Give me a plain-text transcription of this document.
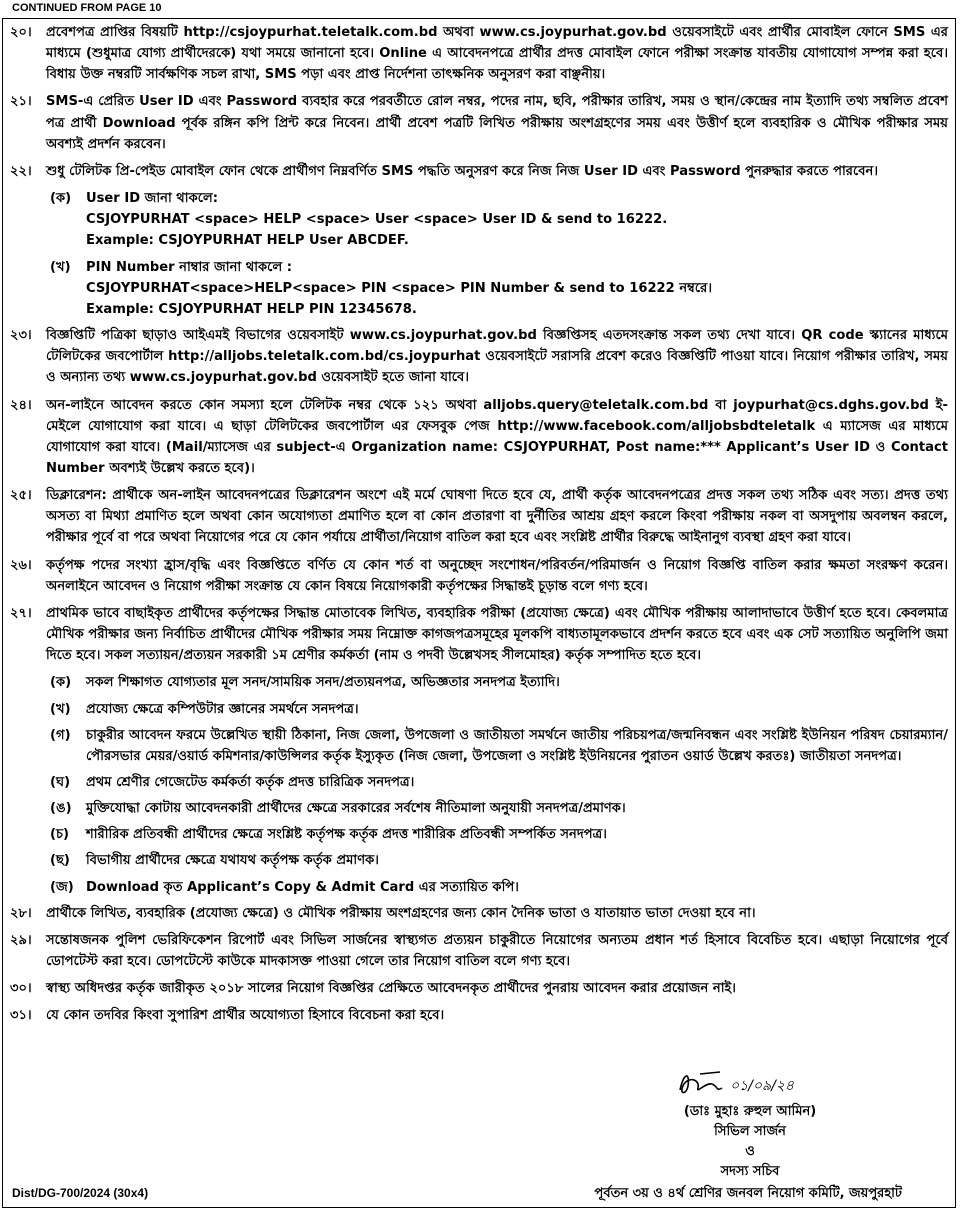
CONTINUED FROM PAGE 10
২০।	প্রবেশপত্র প্রাপ্তির বিষয়টি http://csjoypurhat.teletalk.com.bd অথবা www.cs.joypurhat.gov.bd ওয়েবসাইটে এবং প্রার্থীর মোবাইল ফোনে SMS এর মাধ্যমে (শুধুমাত্র যোগ্য প্রার্থীদেরকে) যথা সময়ে জানানো হবে। Online এ আবেদনপত্রে প্রার্থীর প্রদত্ত মোবাইল ফোনে পরীক্ষা সংক্রান্ত যাবতীয় যোগাযোগ সম্পন্ন করা হবে। বিধায় উক্ত নম্বরটি সার্বক্ষণিক সচল রাখা, SMS পড়া এবং প্রাপ্ত নির্দেশনা তাৎক্ষনিক অনুসরণ করা বাঞ্ছনীয়।
২১।	SMS-এ প্রেরিত User ID এবং Password ব্যবহার করে পরবর্তীতে রোল নম্বর, পদের নাম, ছবি, পরীক্ষার তারিখ, সময় ও স্থান/কেন্দ্রের নাম ইত্যাদি তথ্য সম্বলিত প্রবেশ পত্র প্রার্থী Download পূর্বক রঙ্গিন কপি প্রিন্ট করে নিবেন। প্রার্থী প্রবেশ পত্রটি লিখিত পরীক্ষায় অংশগ্রহণের সময় এবং উত্তীর্ণ হলে ব্যবহারিক ও মৌখিক পরীক্ষার সময় অবশ্যই প্রদর্শন করবেন।
২২।	শুধু টেলিটক প্রি-পেইড মোবাইল ফোন থেকে প্রার্থীগণ নিম্নবর্ণিত SMS পদ্ধতি অনুসরণ করে নিজ নিজ User ID এবং Password পুনরুদ্ধার করতে পারবেন।
(ক)	User ID জানা থাকলে:
CSJOYPURHAT <space> HELP <space> User <space> User ID & send to 16222.
Example: CSJOYPURHAT HELP User ABCDEF.
(খ)	PIN Number নাম্বার জানা থাকলে :
CSJOYPURHAT<space>HELP<space> PIN <space> PIN Number & send to 16222 নম্বরে।
Example: CSJOYPURHAT HELP PIN 12345678.
২৩।	বিজ্ঞপ্তিটি পত্রিকা ছাড়াও আইএমই বিভাগের ওয়েবসাইট www.cs.joypurhat.gov.bd বিজ্ঞপ্তিসহ এতদসংক্রান্ত সকল তথ্য দেখা যাবে। QR code স্ক্যানের মাধ্যমে টেলিটকের জবপোর্টাল http://alljobs.teletalk.com.bd/cs.joypurhat ওয়েবসাইটে সরাসরি প্রবেশ করেও বিজ্ঞপ্তিটি পাওয়া যাবে। নিয়োগ পরীক্ষার তারিখ, সময় ও অন্যান্য তথ্য www.cs.joypurhat.gov.bd ওয়েবসাইট হতে জানা যাবে।
২৪।	অন-লাইনে আবেদন করতে কোন সমস্যা হলে টেলিটক নম্বর থেকে ১২১ অথবা alljobs.query@teletalk.com.bd বা joypurhat@cs.dghs.gov.bd ই-মেইলে যোগাযোগ করা যাবে। এ ছাড়া টেলিটকের জবপোর্টাল এর ফেসবুক পেজ http://www.facebook.com/alljobsbdteletalk এ ম্যাসেজ এর মাধ্যমে যোগাযোগ করা যাবে। (Mail/ম্যাসেজ এর subject-এ Organization name: CSJOYPURHAT, Post name:*** Applicant’s User ID ও Contact Number অবশ্যই উল্লেখ করতে হবে)।
২৫।	ডিক্লারেশন: প্রার্থীকে অন-লাইন আবেদনপত্রের ডিক্লারেশন অংশে এই মর্মে ঘোষণা দিতে হবে যে, প্রার্থী কর্তৃক আবেদনপত্রের প্রদত্ত সকল তথ্য সঠিক এবং সত্য। প্রদত্ত তথ্য অসত্য বা মিথ্যা প্রমাণিত হলে অথবা কোন অযোগ্যতা প্রমাণিত হলে বা কোন প্রতারণা বা দুর্নীতির আশ্রয় গ্রহণ করলে কিংবা পরীক্ষায় নকল বা অসদুপায় অবলম্বন করলে, পরীক্ষার পূর্বে বা পরে অথবা নিয়োগের পরে যে কোন পর্যায়ে প্রার্থীতা/নিয়োগ বাতিল করা হবে এবং সংশ্লিষ্ট প্রার্থীর বিরুদ্ধে আইনানুগ ব্যবস্থা গ্রহণ করা যাবে।
২৬।	কর্তৃপক্ষ পদের সংখ্যা হ্রাস/বৃদ্ধি এবং বিজ্ঞপ্তিতে বর্ণিত যে কোন শর্ত বা অনুচ্ছেদ সংশোধন/পরিবর্তন/পরিমার্জন ও নিয়োগ বিজ্ঞপ্তি বাতিল করার ক্ষমতা সংরক্ষণ করেন। অনলাইনে আবেদন ও নিয়োগ পরীক্ষা সংক্রান্ত যে কোন বিষয়ে নিয়োগকারী কর্তৃপক্ষের সিদ্ধান্তই চূড়ান্ত বলে গণ্য হবে।
২৭।	প্রাথমিক ভাবে বাছাইকৃত প্রার্থীদের কর্তৃপক্ষের সিদ্ধান্ত মোতাবেক লিখিত, ব্যবহারিক পরীক্ষা (প্রযোজ্য ক্ষেত্রে) এবং মৌখিক পরীক্ষায় আলাদাভাবে উত্তীর্ণ হতে হবে। কেবলমাত্র মৌখিক পরীক্ষার জন্য নির্বাচিত প্রার্থীদের মৌখিক পরীক্ষার সময় নিম্নোক্ত কাগজপত্রসমূহের মূলকপি বাধ্যতামূলকভাবে প্রদর্শন করতে হবে এবং এক সেট সত্যায়িত অনুলিপি জমা দিতে হবে। সকল সত্যায়ন/প্রত্যয়ন সরকারী ১ম শ্রেণীর কর্মকর্তা (নাম ও পদবী উল্লেখসহ সীলমোহর) কর্তৃক সম্পাদিত হতে হবে।
(ক)	সকল শিক্ষাগত যোগ্যতার মূল সনদ/সাময়িক সনদ/প্রত্যয়নপত্র, অভিজ্ঞতার সনদপত্র ইত্যাদি।
(খ)	প্রযোজ্য ক্ষেত্রে কম্পিউটার জ্ঞানের সমর্থনে সনদপত্র।
(গ)	চাকুরীর আবেদন ফরমে উল্লেখিত স্থায়ী ঠিকানা, নিজ জেলা, উপজেলা ও জাতীয়তা সমর্থনে জাতীয় পরিচয়পত্র/জন্মনিবন্ধন এবং সংশ্লিষ্ট ইউনিয়ন পরিষদ চেয়ারম্যান/পৌরসভার মেয়র/ওয়ার্ড কমিশনার/কাউন্সিলর কর্তৃক ইস্যুকৃত (নিজ জেলা, উপজেলা ও সংশ্লিষ্ট ইউনিয়নের পুরাতন ওয়ার্ড উল্লেখ করতঃ) জাতীয়তা সনদপত্র।
(ঘ)	প্রথম শ্রেণীর গেজেটেড কর্মকর্তা কর্তৃক প্রদত্ত চারিত্রিক সনদপত্র।
(ঙ)	মুক্তিযোদ্ধা কোটায় আবেদনকারী প্রার্থীদের ক্ষেত্রে সরকারের সর্বশেষ নীতিমালা অনুযায়ী সনদপত্র/প্রমাণক।
(চ)	শারীরিক প্রতিবন্ধী প্রার্থীদের ক্ষেত্রে সংশ্লিষ্ট কর্তৃপক্ষ কর্তৃক প্রদত্ত শারীরিক প্রতিবন্ধী সম্পর্কিত সনদপত্র।
(ছ)	বিভাগীয় প্রার্থীদের ক্ষেত্রে যথাযথ কর্তৃপক্ষ কর্তৃক প্রমাণক।
(জ) Download কৃত Applicant’s Copy & Admit Card এর সত্যায়িত কপি।
২৮।	প্রার্থীকে লিখিত, ব্যবহারিক (প্রযোজ্য ক্ষেত্রে) ও মৌখিক পরীক্ষায় অংশগ্রহণের জন্য কোন দৈনিক ভাতা ও যাতায়াত ভাতা দেওয়া হবে না।
২৯।	সন্তোষজনক পুলিশ ভেরিফিকেশন রিপোর্ট এবং সিভিল সার্জনের স্বাস্থ্যগত প্রত্যয়ন চাকুরীতে নিয়োগের অন্যতম প্রধান শর্ত হিসাবে বিবেচিত হবে। এছাড়া নিয়োগের পূর্বে ডোপটেস্ট করা হবে। ডোপটেস্টে কাউকে মাদকাসক্ত পাওয়া গেলে তার নিয়োগ বাতিল বলে গণ্য হবে।
৩০।	স্বাস্থ্য অধিদপ্তর কর্তৃক জারীকৃত ২০১৮ সালের নিয়োগ বিজ্ঞপ্তির প্রেক্ষিতে আবেদনকৃত প্রার্থীদের পুনরায় আবেদন করার প্রয়োজন নাই।
৩১।	যে কোন তদবির কিংবা সুপারিশ প্রার্থীর অযোগ্যতা হিসাবে বিবেচনা করা হবে।
০১/০৯/২৪
(ডাঃ মুহাঃ রুহুল আমিন)
সিভিল সার্জন
ও
সদস্য সচিব
Dist/DG-700/2024 (30x4)	পূর্বতন ৩য় ও ৪র্থ শ্রেণির জনবল নিয়োগ কমিটি, জয়পুরহাট
